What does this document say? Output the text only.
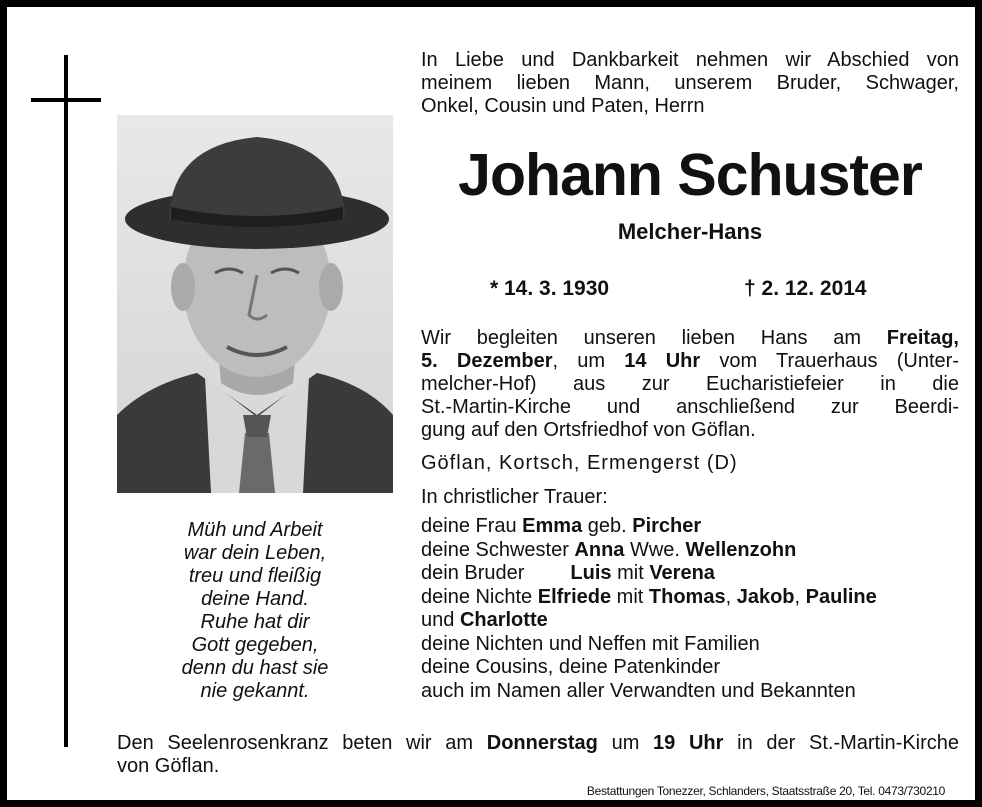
Müh und Arbeit
war dein Leben,
treu und fleißig
deine Hand.
Ruhe hat dir
Gott gegeben,
denn du hast sie
nie gekannt.
In Liebe und Dankbarkeit nehmen wir Abschied von
meinem lieben Mann, unserem Bruder, Schwager,
Onkel, Cousin und Paten, Herrn
Johann Schuster
Melcher-Hans
* 14. 3. 1930	† 2. 12. 2014
Wir begleiten unseren lieben Hans am Freitag,
5. Dezember, um 14 Uhr vom Trauerhaus (Unter-
melcher-Hof) aus zur Eucharistiefeier in die
St.-Martin-Kirche und anschließend zur Beerdi-
gung auf den Ortsfriedhof von Göflan.
Göflan, Kortsch, Ermengerst (D)
In christlicher Trauer:
deine Frau Emma geb. Pircher
deine Schwester Anna Wwe. Wellenzohn
dein Bruder Luis mit Verena
deine Nichte Elfriede mit Thomas, Jakob, Pauline
und Charlotte
deine Nichten und Neffen mit Familien
deine Cousins, deine Patenkinder
auch im Namen aller Verwandten und Bekannten
Den Seelenrosenkranz beten wir am Donnerstag um 19 Uhr in der St.-Martin-Kirche
von Göflan.
Bestattungen Tonezzer, Schlanders, Staatsstraße 20, Tel. 0473/730210
